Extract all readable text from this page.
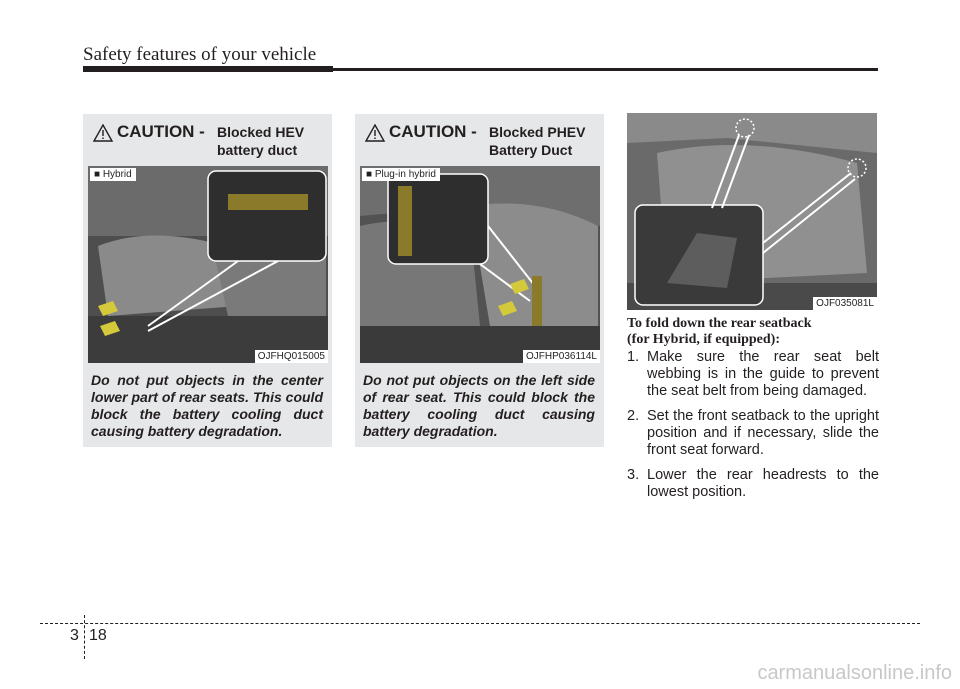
Safety features of your vehicle
CAUTION - Blocked HEV
battery duct
■ Hybrid
OJFHQ015005
Do not put objects in the center lower part of rear seats. This could block the battery cooling duct causing battery degradation.
CAUTION - Blocked PHEV
Battery Duct
■ Plug-in hybrid
OJFHP036114L
Do not put objects on the left side of rear seat. This could block the battery cooling duct causing battery degradation.
OJF035081L
To fold down the rear seatback
(for Hybrid, if equipped):
1. Make sure the rear seat belt webbing is in the guide to prevent the seat belt from being damaged.
2. Set the front seatback to the upright position and if necessary, slide the front seat forward.
3. Lower the rear headrests to the lowest position.
3 18
carmanualsonline.info
